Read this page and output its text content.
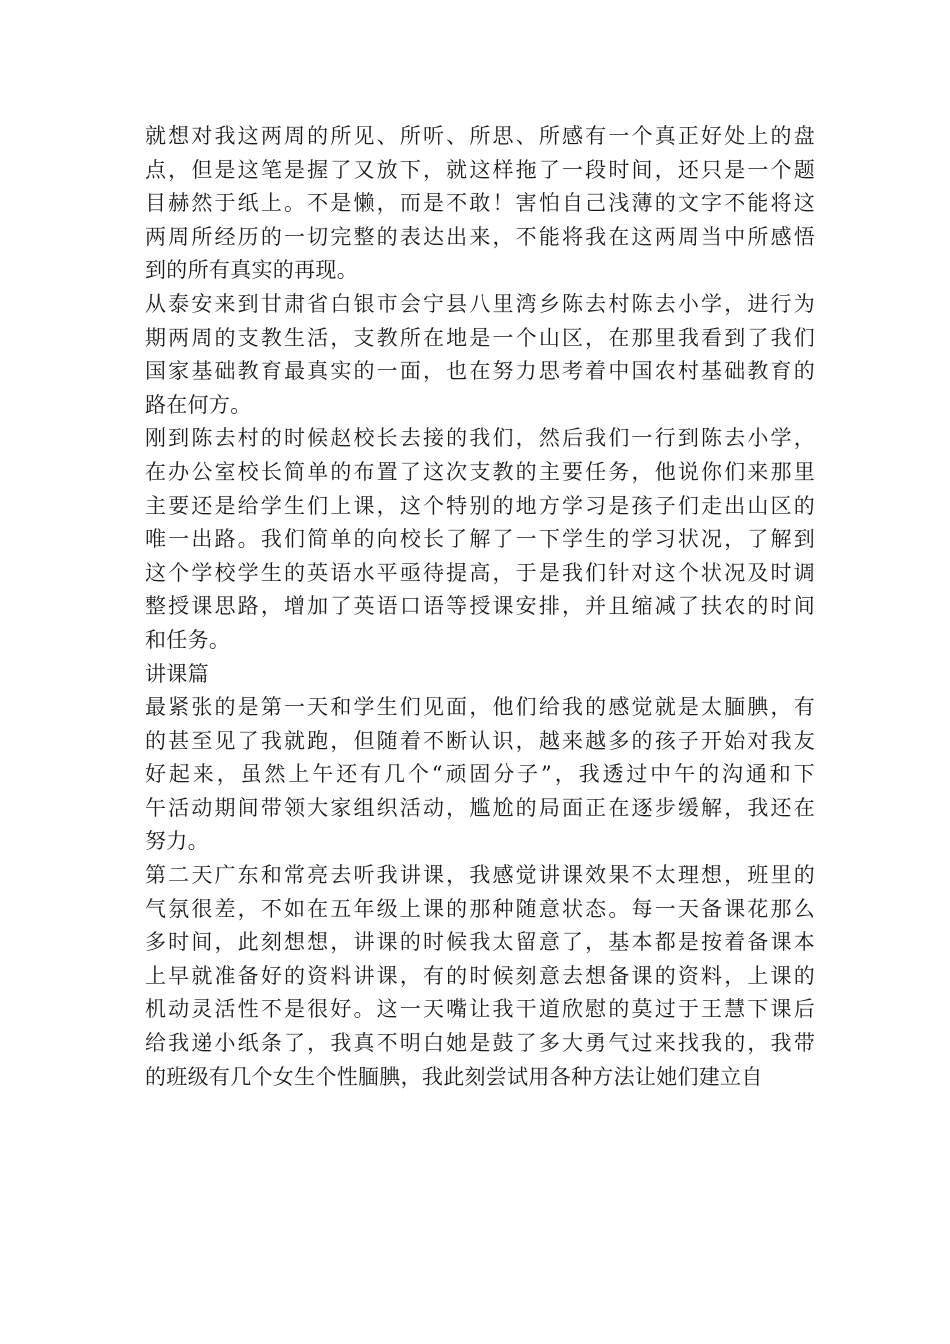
就想对我这两周的所见、所听、所思、所感有一个真正好处上的盘
点，但是这笔是握了又放下，就这样拖了一段时间，还只是一个题
目赫然于纸上。不是懒，而是不敢！害怕自己浅薄的文字不能将这
两周所经历的一切完整的表达出来，不能将我在这两周当中所感悟
到的所有真实的再现。
从泰安来到甘肃省白银市会宁县八里湾乡陈去村陈去小学，进行为
期两周的支教生活，支教所在地是一个山区，在那里我看到了我们
国家基础教育最真实的一面，也在努力思考着中国农村基础教育的
路在何方。
刚到陈去村的时候赵校长去接的我们，然后我们一行到陈去小学，
在办公室校长简单的布置了这次支教的主要任务，他说你们来那里
主要还是给学生们上课，这个特别的地方学习是孩子们走出山区的
唯一出路。我们简单的向校长了解了一下学生的学习状况，了解到
这个学校学生的英语水平亟待提高，于是我们针对这个状况及时调
整授课思路，增加了英语口语等授课安排，并且缩减了扶农的时间
和任务。
讲课篇
最紧张的是第一天和学生们见面，他们给我的感觉就是太腼腆，有
的甚至见了我就跑，但随着不断认识，越来越多的孩子开始对我友
好起来，虽然上午还有几个“顽固分子”，我透过中午的沟通和下
午活动期间带领大家组织活动，尴尬的局面正在逐步缓解，我还在
努力。
第二天广东和常亮去听我讲课，我感觉讲课效果不太理想，班里的
气氛很差，不如在五年级上课的那种随意状态。每一天备课花那么
多时间，此刻想想，讲课的时候我太留意了，基本都是按着备课本
上早就准备好的资料讲课，有的时候刻意去想备课的资料，上课的
机动灵活性不是很好。这一天嘴让我干道欣慰的莫过于王慧下课后
给我递小纸条了，我真不明白她是鼓了多大勇气过来找我的，我带
的班级有几个女生个性腼腆，我此刻尝试用各种方法让她们建立自
